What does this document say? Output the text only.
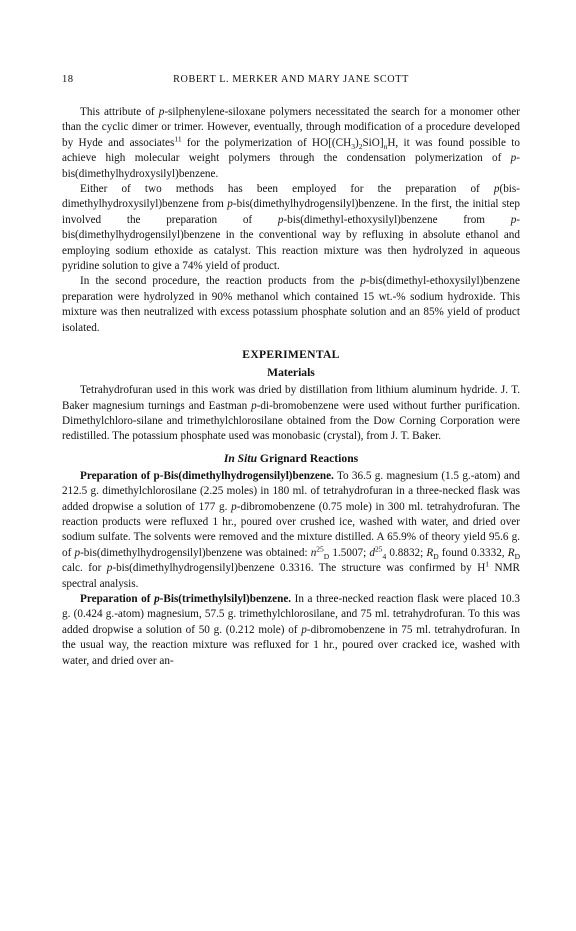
18	ROBERT L. MERKER AND MARY JANE SCOTT

This attribute of p-silphenylene-siloxane polymers necessitated the search for a monomer other than the cyclic dimer or trimer. However, eventually, through modification of a procedure developed by Hyde and associates$^{11}$ for the polymerization of $HO[(CH_3)_2SiO]_nH$, it was found possible to achieve high molecular weight polymers through the condensation polymerization of p-bis(dimethylhydroxysilyl)benzene.

Either of two methods has been employed for the preparation of p(bis-dimethylhydroxysilyl)benzene from p-bis(dimethylhydrogensilyl)benzene. In the first, the initial step involved the preparation of p-bis(dimethyl-ethoxysilyl)benzene from p-bis(dimethylhydrogensilyl)benzene in the conventional way by refluxing in absolute ethanol and employing sodium ethoxide as catalyst. This reaction mixture was then hydrolyzed in aqueous pyridine solution to give a 74% yield of product.

In the second procedure, the reaction products from the p-bis(dimethyl-ethoxysilyl)benzene preparation were hydrolyzed in 90% methanol which contained 15 wt.-% sodium hydroxide. This mixture was then neutralized with excess potassium phosphate solution and an 85% yield of product isolated.

EXPERIMENTAL
Materials

Tetrahydrofuran used in this work was dried by distillation from lithium aluminum hydride. J. T. Baker magnesium turnings and Eastman p-di-bromobenzene were used without further purification. Dimethylchloro-silane and trimethylchlorosilane obtained from the Dow Corning Corporation were redistilled. The potassium phosphate used was monobasic (crystal), from J. T. Baker.

In Situ Grignard Reactions

Preparation of p-Bis(dimethylhydrogensilyl)benzene. To 36.5 g. magnesium (1.5 g.-atom) and 212.5 g. dimethylchlorosilane (2.25 moles) in 180 ml. of tetrahydrofuran in a three-necked flask was added dropwise a solution of 177 g. p-dibromobenzene (0.75 mole) in 300 ml. tetrahydrofuran. The reaction products were refluxed 1 hr., poured over crushed ice, washed with water, and dried over sodium sulfate. The solvents were removed and the mixture distilled. A 65.9% of theory yield 95.6 g. of p-bis(dimethylhydrogensilyl)benzene was obtained: $n^{25}_D$ 1.5007; $d^{25}_4$ 0.8832; $R_D$ found 0.3332, $R_D$ calc. for p-bis(dimethylhydrogensilyl)benzene 0.3316. The structure was confirmed by $H^1$ NMR spectral analysis.

Preparation of p-Bis(trimethylsilyl)benzene. In a three-necked reaction flask were placed 10.3 g. (0.424 g.-atom) magnesium, 57.5 g. trimethylchlorosilane, and 75 ml. tetrahydrofuran. To this was added dropwise a solution of 50 g. (0.212 mole) of p-dibromobenzene in 75 ml. tetrahydrofuran. In the usual way, the reaction mixture was refluxed for 1 hr., poured over cracked ice, washed with water, and dried over an-
